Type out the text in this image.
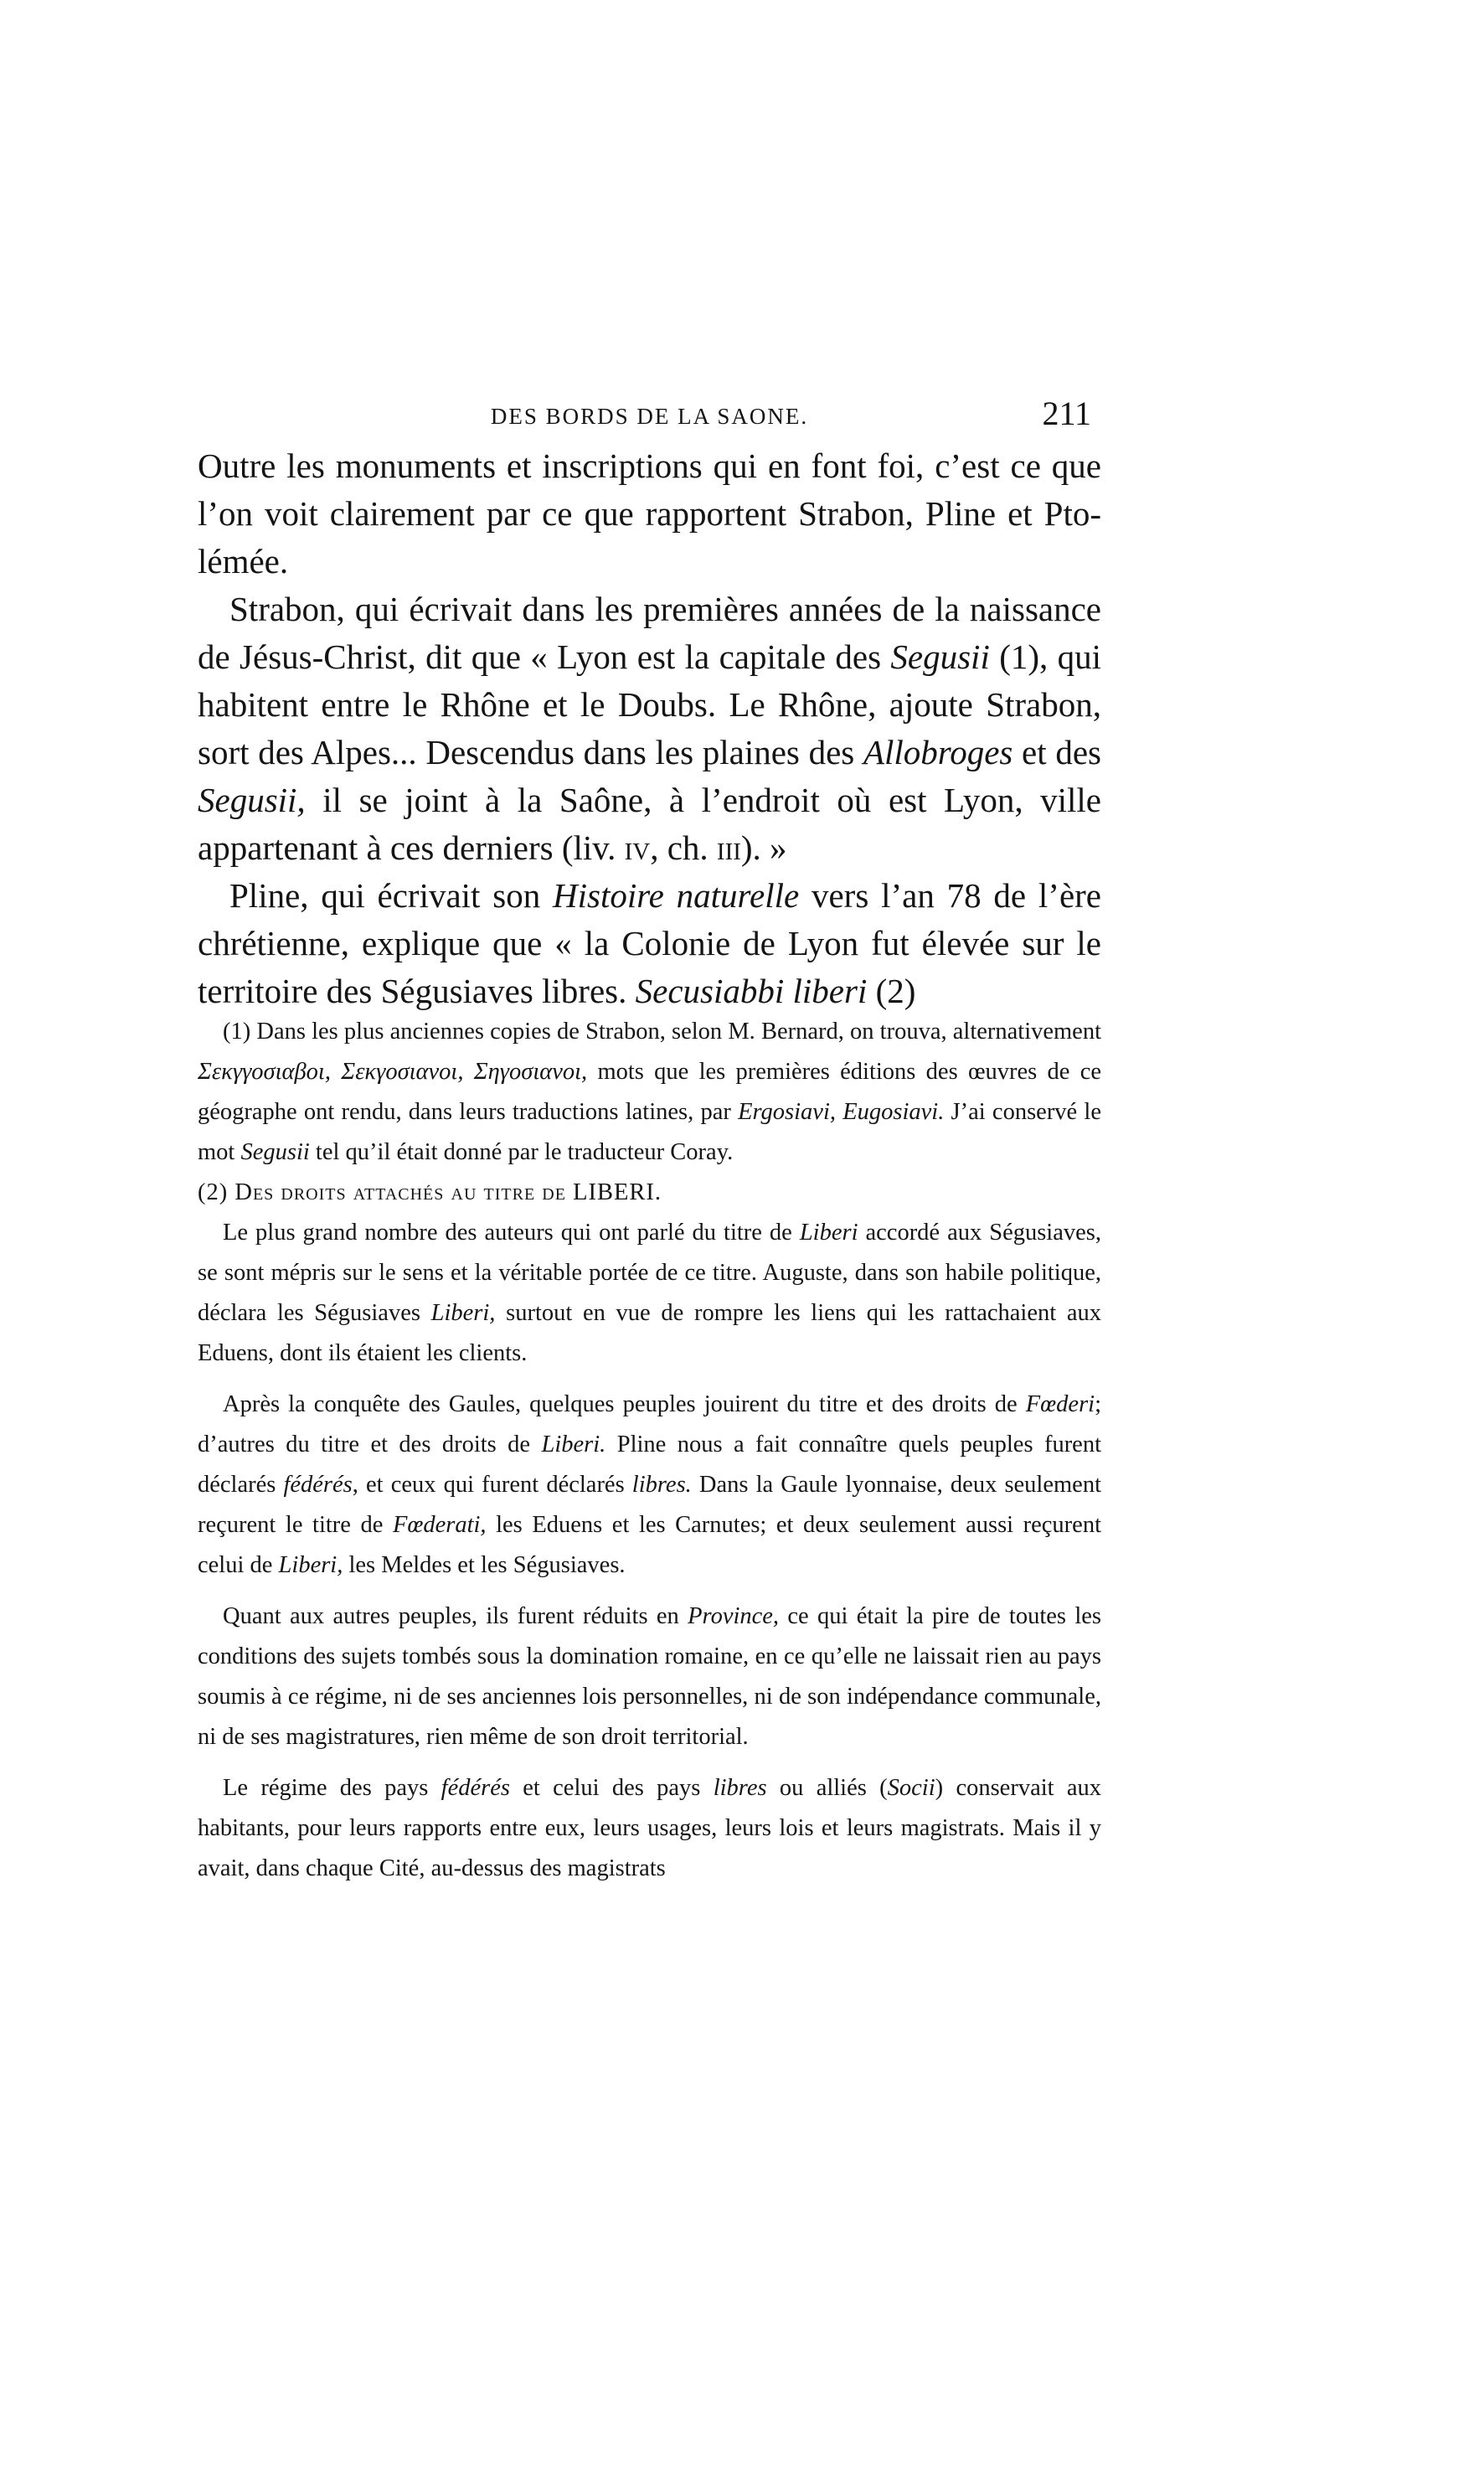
DES BORDS DE LA SAONE.	211

Outre les monuments et inscriptions qui en font foi, c’est ce que l’on voit clairement par ce que rapportent Strabon, Pline et Pto-lémée.

Strabon, qui écrivait dans les premières années de la naissance de Jésus-Christ, dit que « Lyon est la capitale des Segusii (1), qui habitent entre le Rhône et le Doubs. Le Rhône, ajoute Strabon, sort des Alpes... Descendus dans les plaines des Allobroges et des Segusii, il se joint à la Saône, à l’endroit où est Lyon, ville appartenant à ces derniers (liv. iv, ch. iii). »

Pline, qui écrivait son Histoire naturelle vers l’an 78 de l’ère chrétienne, explique que « la Colonie de Lyon fut élevée sur le territoire des Ségusiaves libres. Secusiabbi liberi (2)

(1) Dans les plus anciennes copies de Strabon, selon M. Bernard, on trouva, alternativement Σεκγγοσιαβοι, Σεκγοσιανοι, Σηγοσιανοι, mots que les premières éditions des œuvres de ce géographe ont rendu, dans leurs traductions latines, par Ergosiavi, Eugosiavi. J’ai conservé le mot Segusii tel qu’il était donné par le traducteur Coray.

(2) Des droits attachés au titre de LIBERI.

Le plus grand nombre des auteurs qui ont parlé du titre de Liberi accordé aux Ségusiaves, se sont mépris sur le sens et la véritable portée de ce titre. Auguste, dans son habile politique, déclara les Ségusiaves Liberi, surtout en vue de rompre les liens qui les rattachaient aux Eduens, dont ils étaient les clients.

Après la conquête des Gaules, quelques peuples jouirent du titre et des droits de Fœderi; d’autres du titre et des droits de Liberi. Pline nous a fait connaître quels peuples furent déclarés fédérés, et ceux qui furent déclarés libres. Dans la Gaule lyonnaise, deux seulement reçurent le titre de Fœderati, les Eduens et les Carnutes; et deux seulement aussi reçurent celui de Liberi, les Meldes et les Ségusiaves.

Quant aux autres peuples, ils furent réduits en Province, ce qui était la pire de toutes les conditions des sujets tombés sous la domination romaine, en ce qu’elle ne laissait rien au pays soumis à ce régime, ni de ses anciennes lois personnelles, ni de son indépendance communale, ni de ses magistratures, rien même de son droit territorial.

Le régime des pays fédérés et celui des pays libres ou alliés (Socii) conservait aux habitants, pour leurs rapports entre eux, leurs usages, leurs lois et leurs magistrats. Mais il y avait, dans chaque Cité, au-dessus des magistrats
